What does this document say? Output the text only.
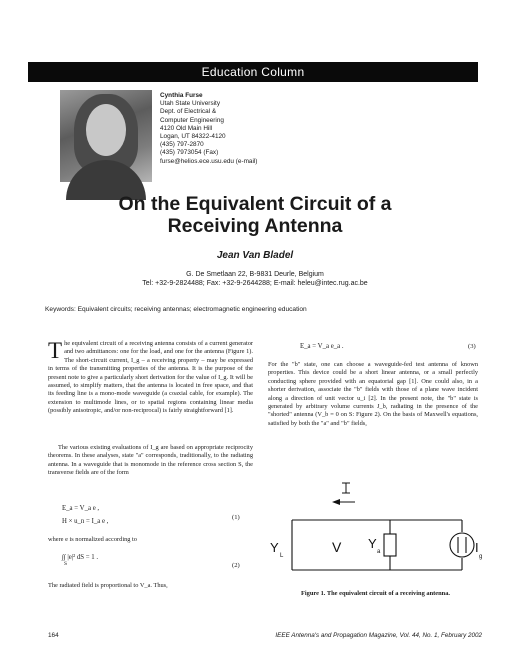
Education Column
Cynthia Furse
Utah State University
Dept. of Electrical &
Computer Engineering
4120 Old Main Hill
Logan, UT 84322-4120
(435) 797-2870
(435) 7973054 (Fax)
furse@helios.ece.usu.edu (e-mail)
On the Equivalent Circuit of a
Receiving Antenna
Jean Van Bladel
G. De Smetlaan 22, B-9831 Deurle, Belgium
Tel: +32-9-2824488; Fax: +32-9-2644288; E-mail: heleu@intec.rug.ac.be
Keywords: Equivalent circuits; receiving antennas; electromagnetic engineering education
The equivalent circuit of a receiving antenna consists of a current generator and two admittances: one for the load, and one for the antenna (Figure 1). The short-circuit current, I_g – a receiving property – may be expressed in terms of the transmitting properties of the antenna. It is the purpose of the present note to give a particularly short derivation for the value of I_g. It will be assumed, to simplify matters, that the antenna is located in free space, and that its feeding line is a mono-mode waveguide (a coaxial cable, for example). The extension to multimode lines, or to spatial regions containing linear media (possibly anisotropic, and/or non-reciprocal) is fairly straightforward [1].
The various existing evaluations of I_g are based on appropriate reciprocity theorems. In these analyses, state "a" corresponds, traditionally, to the radiating antenna. In a waveguide that is monomode in the reference cross section S, the transverse fields are of the form
E_a = V_a e ,
H × u_n = I_a e ,
(1)
where e is normalized according to
∫∫ |e|² dS = 1 .
S	(2)
The radiated field is proportional to V_a. Thus,
E_a = V_a e_a .	(3)
For the "b" state, one can choose a waveguide-fed test antenna of known properties. This device could be a short linear antenna, or a small perfectly conducting sphere provided with an equatorial gap [1]. One could also, in a shorter derivation, associate the "b" fields with those of a plane wave incident along a direction of unit vector u_i [2]. In the present note, the "b" state is generated by arbitrary volume currents J_b, radiating in the presence of the "shorted" antenna (V_b = 0 on S: Figure 2). On the basis of Maxwell's equations, satisfied by both the "a" and "b" fields,
Y
L
V Y
a	I
g
Figure 1. The equivalent circuit of a receiving antenna.
164	IEEE Antenna's and Propagation Magazine, Vol. 44, No. 1, February 2002
